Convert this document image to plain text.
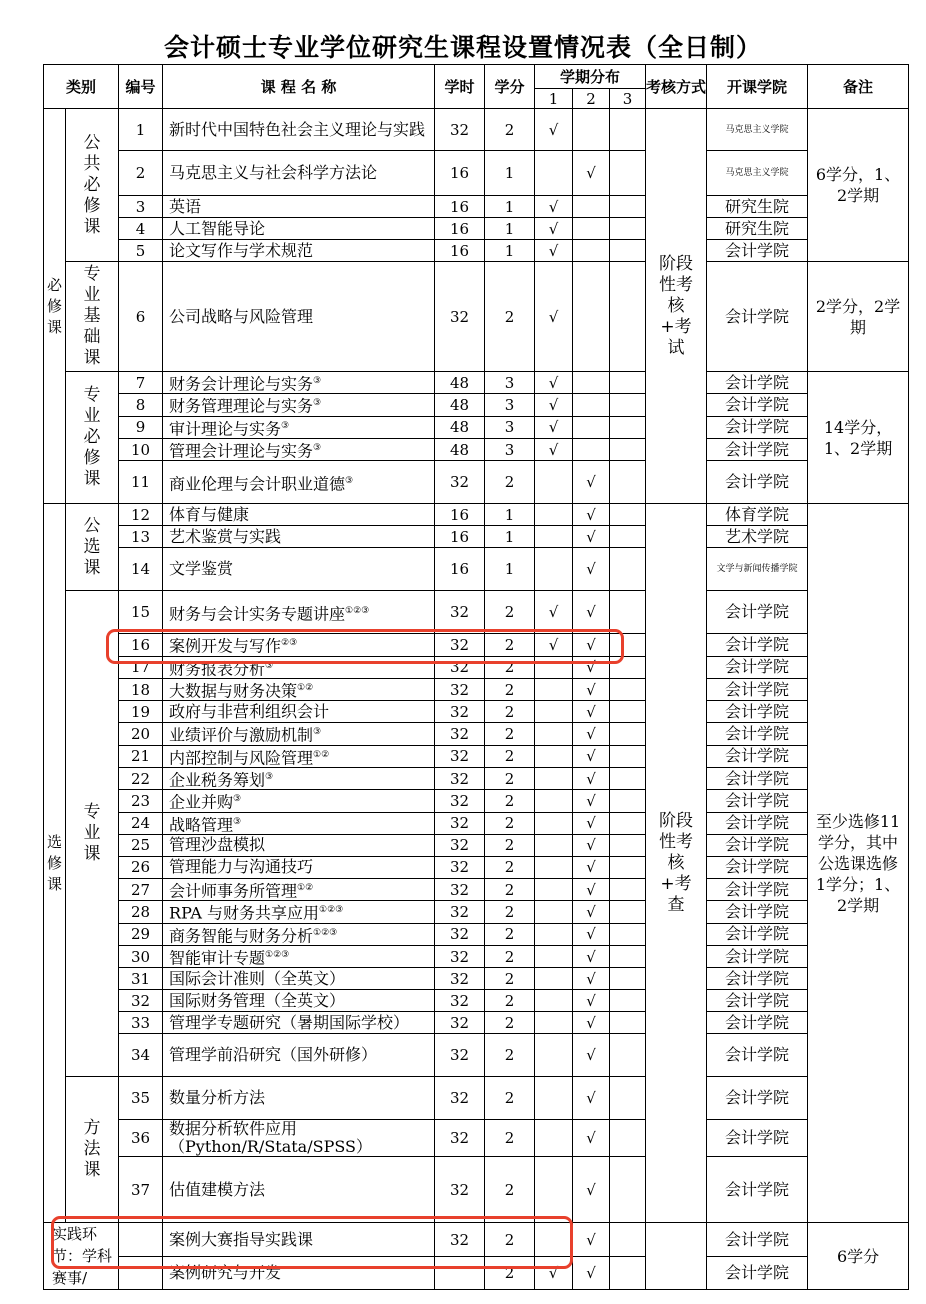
会计硕士专业学位研究生课程设置情况表（全日制）
类别		编号	课 程 名 称	学时	学分	学期分布			考核方式	开课学院	备注
						1	2	3			
必修课	公共必修课	1	新时代中国特色社会主义理论与实践	32	2	√			阶段性考核+考试	马克思主义学院	6学分，1、2学期
		2	马克思主义与社会科学方法论	16	1		√			马克思主义学院	
		3	英语	16	1	√				研究生院	
		4	人工智能导论	16	1	√				研究生院	
		5	论文写作与学术规范	16	1	√				会计学院	
	专业基础课	6	公司战略与风险管理	32	2	√				会计学院	2学分，2学期
	专业必修课	7	财务会计理论与实务③	48	3	√				会计学院	14学分，1、2学期
		8	财务管理理论与实务③	48	3	√				会计学院	
		9	审计理论与实务③	48	3	√				会计学院	
		10	管理会计理论与实务③	48	3	√				会计学院	
		11	商业伦理与会计职业道德③	32	2		√			会计学院	
选修课	公选课	12	体育与健康	16	1		√		阶段性考核+考查	体育学院	至少选修11学分，其中公选课选修1学分；1、2学期
		13	艺术鉴赏与实践	16	1		√			艺术学院	
		14	文学鉴赏	16	1		√			文学与新闻传播学院	
	专业课	15	财务与会计实务专题讲座①②③	32	2	√	√			会计学院	
		16	案例开发与写作②③	32	2	√	√			会计学院	
		17	财务报表分析③	32	2		√			会计学院	
		18	大数据与财务决策①②	32	2		√			会计学院	
		19	政府与非营利组织会计	32	2		√			会计学院	
		20	业绩评价与激励机制③	32	2		√			会计学院	
		21	内部控制与风险管理①②	32	2		√			会计学院	
		22	企业税务筹划③	32	2		√			会计学院	
		23	企业并购③	32	2		√			会计学院	
		24	战略管理③	32	2		√			会计学院	
		25	管理沙盘模拟	32	2		√			会计学院	
		26	管理能力与沟通技巧	32	2		√			会计学院	
		27	会计师事务所管理①②	32	2		√			会计学院	
		28	RPA 与财务共享应用①②③	32	2		√			会计学院	
		29	商务智能与财务分析①②③	32	2		√			会计学院	
		30	智能审计专题①②③	32	2		√			会计学院	
		31	国际会计准则（全英文）	32	2		√			会计学院	
		32	国际财务管理（全英文）	32	2		√			会计学院	
		33	管理学专题研究（暑期国际学校）	32	2		√			会计学院	
		34	管理学前沿研究（国外研修）	32	2		√			会计学院	
	方法课	35	数量分析方法	32	2		√			会计学院	
		36	数据分析软件应用（Python/R/Stata/SPSS）	32	2		√			会计学院	
		37	估值建模方法	32	2		√			会计学院	
实践环节：学科赛事/			案例大赛指导实践课	32	2		√			会计学院	6学分
			案例研究与开发		2	√	√			会计学院	
